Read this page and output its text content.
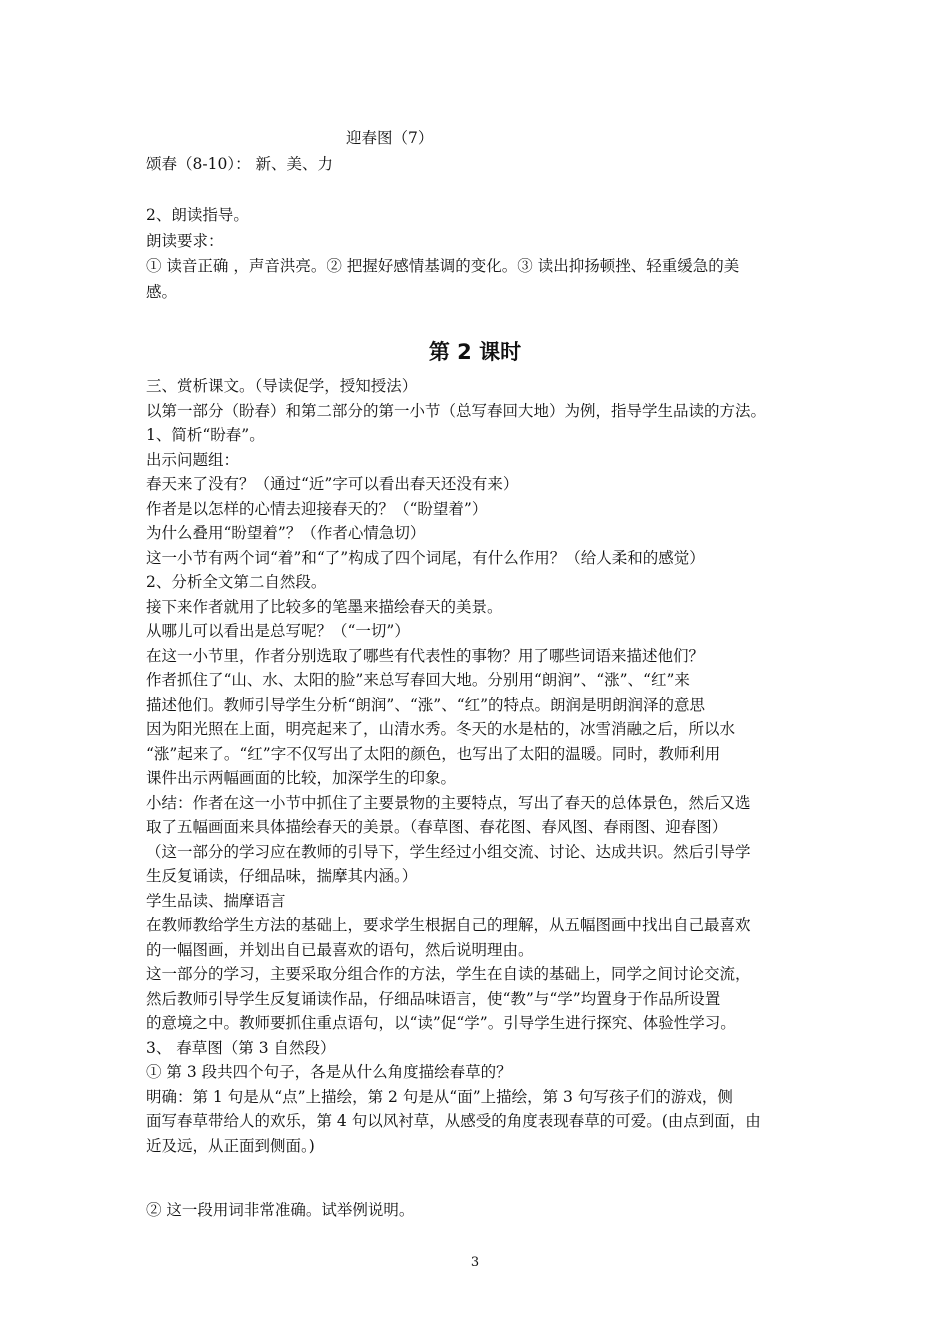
迎春图（7）
颂春（8-10）： 新、美、力
2、朗读指导。
朗读要求：
① 读音正确 ，声音洪亮。② 把握好感情基调的变化。③ 读出抑扬顿挫、轻重缓急的美
感。
第 2 课时
三、赏析课文。（导读促学，授知授法）
以第一部分（盼春）和第二部分的第一小节（总写春回大地）为例，指导学生品读的方法。
1、简析“盼春”。
出示问题组：
春天来了没有？（通过“近”字可以看出春天还没有来）
作者是以怎样的心情去迎接春天的？（“盼望着”）
为什么叠用“盼望着”？（作者心情急切）
这一小节有两个词“着”和“了”构成了四个词尾，有什么作用？（给人柔和的感觉）
2、分析全文第二自然段。
接下来作者就用了比较多的笔墨来描绘春天的美景。
从哪儿可以看出是总写呢？（“一切”）
在这一小节里，作者分别选取了哪些有代表性的事物？用了哪些词语来描述他们？
作者抓住了“山、水、太阳的脸”来总写春回大地。分别用“朗润”、“涨”、“红”来
描述他们。教师引导学生分析“朗润”、“涨”、“红”的特点。朗润是明朗润泽的意思
因为阳光照在上面，明亮起来了，山清水秀。冬天的水是枯的，冰雪消融之后，所以水
“涨”起来了。“红”字不仅写出了太阳的颜色，也写出了太阳的温暖。同时，教师利用
课件出示两幅画面的比较，加深学生的印象。
小结：作者在这一小节中抓住了主要景物的主要特点，写出了春天的总体景色，然后又选
取了五幅画面来具体描绘春天的美景。（春草图、春花图、春风图、春雨图、迎春图）
（这一部分的学习应在教师的引导下，学生经过小组交流、讨论、达成共识。然后引导学
生反复诵读，仔细品味，揣摩其内涵。）
学生品读、揣摩语言
在教师教给学生方法的基础上，要求学生根据自己的理解，从五幅图画中找出自己最喜欢
的一幅图画，并划出自已最喜欢的语句，然后说明理由。
这一部分的学习，主要采取分组合作的方法，学生在自读的基础上，同学之间讨论交流，
然后教师引导学生反复诵读作品，仔细品味语言，使“教”与“学”均置身于作品所设置
的意境之中。教师要抓住重点语句，以“读”促“学”。引导学生进行探究、体验性学习。
3、 春草图（第 3 自然段）
① 第 3 段共四个句子，各是从什么角度描绘春草的？
明确：第 1 句是从“点”上描绘，第 2 句是从“面”上描绘，第 3 句写孩子们的游戏，侧
面写春草带给人的欢乐，第 4 句以风衬草，从感受的角度表现春草的可爱。(由点到面，由
近及远，从正面到侧面。)
② 这一段用词非常准确。试举例说明。
3
